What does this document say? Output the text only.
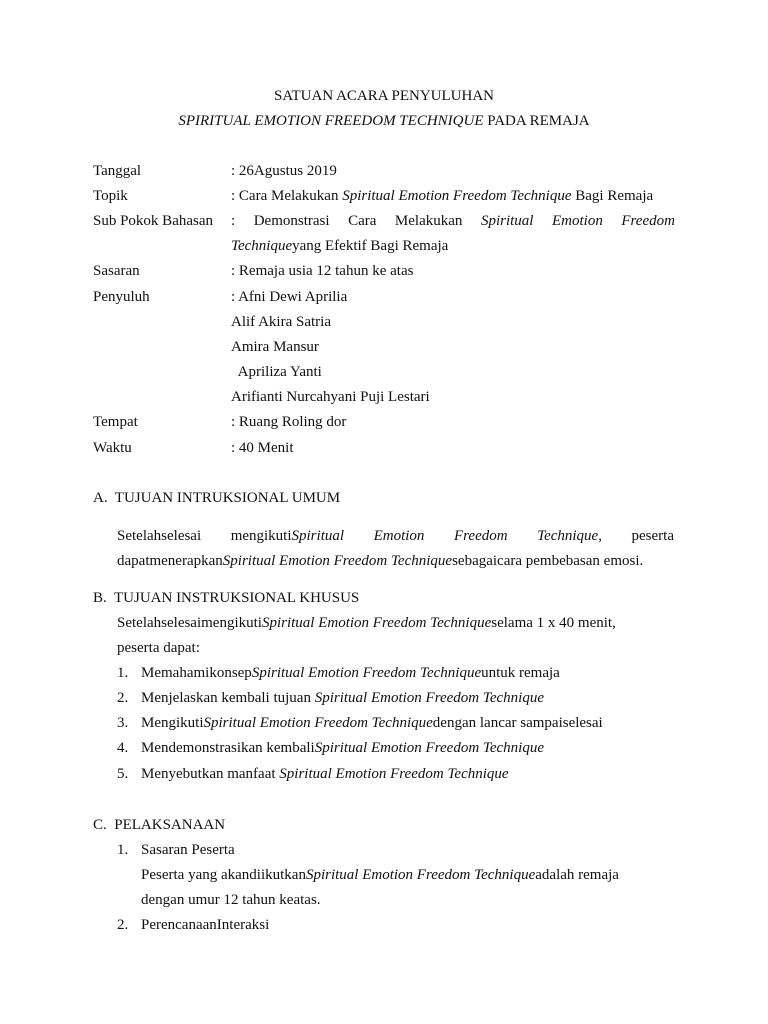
SATUAN ACARA PENYULUHAN
SPIRITUAL EMOTION FREEDOM TECHNIQUE PADA REMAJA
Tanggal	: 26Agustus 2019
Topik	: Cara Melakukan Spiritual Emotion Freedom Technique Bagi Remaja
Sub Pokok Bahasan : Demonstrasi Cara Melakukan Spiritual Emotion Freedom
Techniqueyang Efektif Bagi Remaja
Sasaran	: Remaja usia 12 tahun ke atas
Penyuluh	: Afni Dewi Aprilia
Alif Akira Satria
Amira Mansur
Apriliza Yanti
Arifianti Nurcahyani Puji Lestari
Tempat	: Ruang Roling dor
Waktu	: 40 Menit
A.  TUJUAN INTRUKSIONAL UMUM
Setelahselesai mengikutiSpiritual Emotion Freedom Technique, peserta
dapatmenerapkanSpiritual Emotion Freedom Techniquesebagaicara pembebasan emosi.
B.  TUJUAN INSTRUKSIONAL KHUSUS
SetelahselesaimengikutiSpiritual Emotion Freedom Techniqueselama 1 x 40 menit,
peserta dapat:
1. MemahamikonsepSpiritual Emotion Freedom Techniqueuntuk remaja
2. Menjelaskan kembali tujuan Spiritual Emotion Freedom Technique
3. MengikutiSpiritual Emotion Freedom Techniquedengan lancar sampaiselesai
4. Mendemonstrasikan kembaliSpiritual Emotion Freedom Technique
5. Menyebutkan manfaat Spiritual Emotion Freedom Technique
C.  PELAKSANAAN
1. Sasaran Peserta
Peserta yang akandiikutkanSpiritual Emotion Freedom Techniqueadalah remaja
dengan umur 12 tahun keatas.
2. PerencanaanInteraksi
